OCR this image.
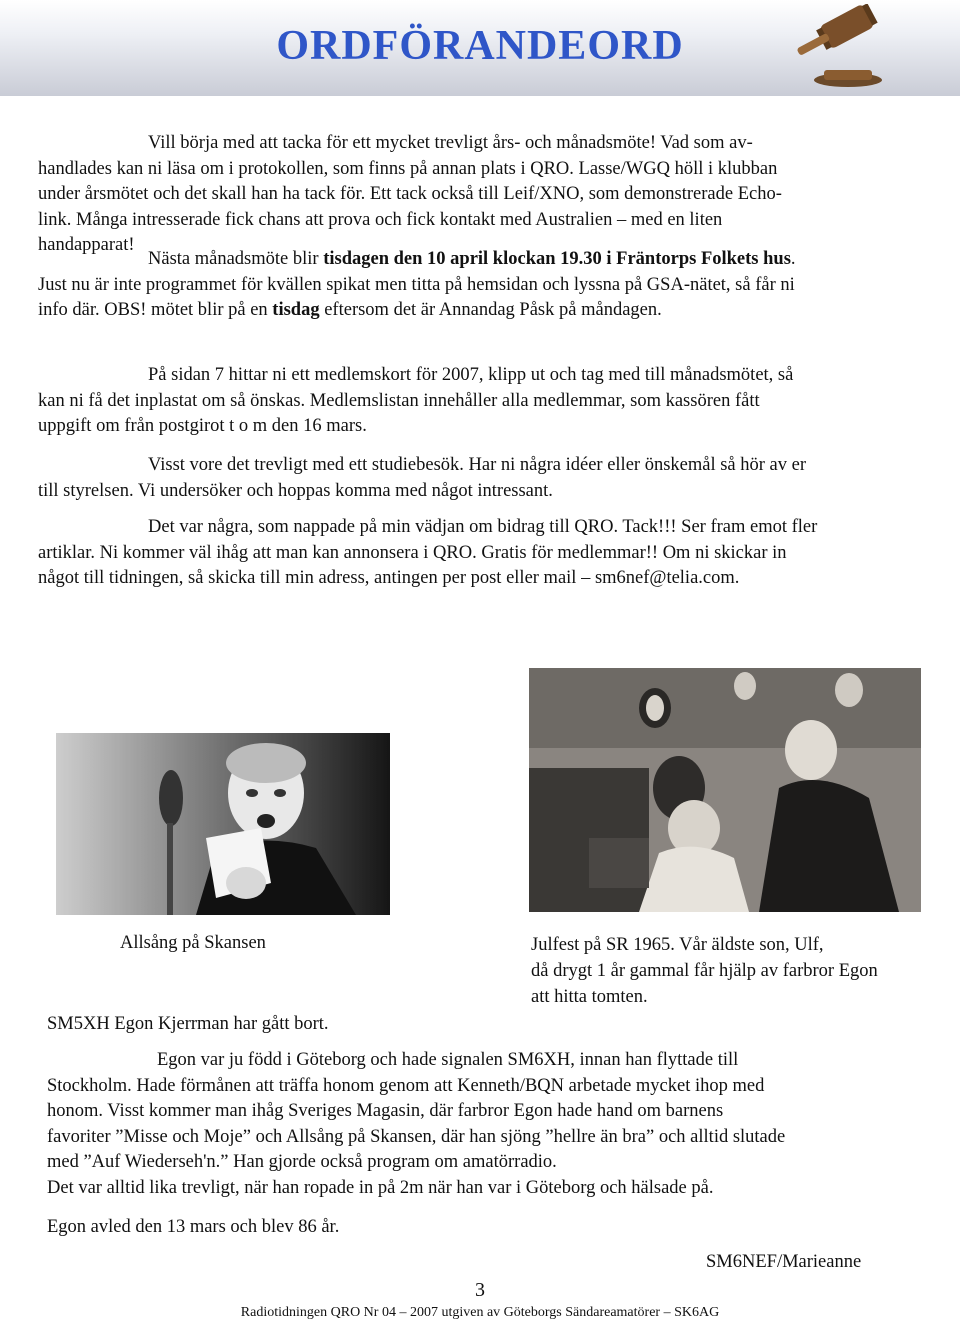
ORDFÖRANDEORD

Vill börja med att tacka för ett mycket trevligt års- och månadsmöte! Vad som av-
handlades kan ni läsa om i protokollen, som finns på annan plats i QRO. Lasse/WGQ höll i klubban
under årsmötet och det skall han ha tack för. Ett tack också till Leif/XNO, som demonstrerade Echo-
link. Många intresserade fick chans att prova och fick kontakt med Australien – med en liten
handapparat!

Nästa månadsmöte blir tisdagen den 10 april klockan 19.30 i Fräntorps Folkets hus.
Just nu är inte programmet för kvällen spikat men titta på hemsidan och lyssna på GSA-nätet, så får ni
info där. OBS! mötet blir på en tisdag eftersom det är Annandag Påsk på måndagen.

På sidan 7 hittar ni ett medlemskort för 2007, klipp ut och tag med till månadsmötet, så
kan ni få det inplastat om så önskas. Medlemslistan innehåller alla medlemmar, som kassören fått
uppgift om från postgirot t o m den 16 mars.

Visst vore det trevligt med ett studiebesök. Har ni några idéer eller önskemål så hör av er
till styrelsen. Vi undersöker och hoppas komma med något intressant.

Det var några, som nappade på min vädjan om bidrag till QRO. Tack!!! Ser fram emot fler
artiklar. Ni kommer väl ihåg att man kan annonsera i QRO. Gratis för medlemmar!! Om ni skickar in
något till tidningen, så skicka till min adress, antingen per post eller mail – sm6nef@telia.com.

Allsång på Skansen	Julfest på SR 1965. Vår äldste son, Ulf,
då drygt 1 år gammal får hjälp av farbror Egon
att hitta tomten.

SM5XH Egon Kjerrman har gått bort.

Egon var ju född i Göteborg och hade signalen SM6XH, innan han flyttade till
Stockholm. Hade förmånen att träffa honom genom att Kenneth/BQN arbetade mycket ihop med
honom. Visst kommer man ihåg Sveriges Magasin, där farbror Egon hade hand om barnens
favoriter ”Misse och Moje” och Allsång på Skansen, där han sjöng ”hellre än bra” och alltid slutade
med ”Auf Wiederseh'n.” Han gjorde också program om amatörradio.
Det var alltid lika trevligt, när han ropade in på 2m när han var i Göteborg och hälsade på.

Egon avled den 13 mars och blev 86 år.

SM6NEF/Marieanne
3
Radiotidningen QRO Nr 04 – 2007 utgiven av Göteborgs Sändareamatörer – SK6AG
